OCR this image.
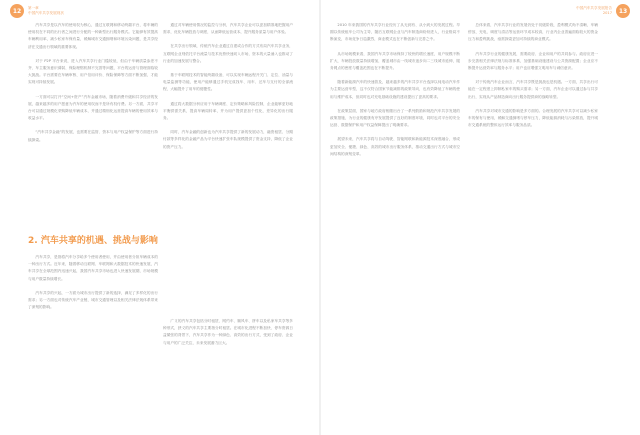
12	第一章
中国汽车共享发展现状	13
中国汽车共享发展报告
2017

汽车共享是以汽车的使用权为核心，通过互联网和移动终端平台，将车辆的使用权在不同的出行者之间进行分配的一种新型出行服务模式。它能够有效提高车辆利用率，减少私家车保有量，缓解城市交通拥堵和环境污染问题，是共享经济在交通出行领域的重要体现。

对于 P2P 平台来说，进入汽车共享行业门槛较低，但由于车辆质量参差不齐、车主服务意识薄弱、保险理赔机制不完善等问题，平台的运营与管理面临较大挑战。平台需要在车辆审核、用户信用评价、保险保障等方面不断加强，才能实现可持续发展。

一方面可以打开“空间+资产”汽车金融市场，随着消费升级和共享经济的发展，越来越多的用户愿意为汽车的使用权而不是所有权付费。另一方面，共享平台可以通过规模化采购降低车辆成本，并通过精细化运营提高车辆的使用效率与收益水平。

“汽车共享金融”的发展，也需要在监管、资本与用户权益保护等方面进行持续探索。

2. 汽车共享的机遇、挑战与影响

汽车共享，是指将汽车分享给多个使用者使用，并由使用者分担车辆成本的一种出行方式。近年来，随着移动互联网、车联网和大数据技术的快速发展，汽车共享在全球范围内迅速兴起，我国汽车共享市场也进入快速发展期，市场规模与用户数量持续增长。

汽车共享的兴起，一方面为城市出行提供了新的选择，满足了多样化的出行需求；另一方面也对传统汽车产业链、城市交通管理以及相关法律法规体系带来了深刻的影响。

通过对车辆使用情况的监控与分析，汽车共享企业可以更加精准地把握用户需求，优化车辆投放与调度，从而降低运营成本，提升服务质量与用户体验。

在共享出行领域，传统汽车企业通过自建或合作的方式布局汽车共享业务，互联网企业则依托平台流量与技术优势快速切入市场，资本的大量涌入也推动了行业的加速发展与整合。

基于车联网技术的智能终端设备，可以实现车辆远程开关门、定位、油量与电量监测等功能，使用户能够通过手机完成找车、用车、还车与支付的全部流程，大幅提升了用车的便捷性。

通过将大数据分析应用于车辆调度、定价策略和风险控制，企业能够更好地平衡供需关系，提高车辆周转率，并为用户提供更加个性化、差异化的出行服务。

同时，汽车金融的创新也为汽车共享提供了新的发展动力，融资租赁、分期付款等多样化的金融产品为平台快速扩张车队规模提供了资金支持，降低了企业的资产压力。

广义的汽车共享包括分时租赁、网约车、顺风车、拼车以及私家车共享等多种形式，狭义的汽车共享主要指分时租赁。在城市化进程不断加快、停车资源日益紧张的背景下，汽车共享作为一种绿色、高效的出行方式，受到了政府、企业与用户的广泛关注，未来发展潜力巨大。

2010 年来我国的汽车共享行业经历了从无到有、从小到大的发展过程。早期以传统租车公司为主导，随后互联网企业与汽车制造商纷纷进入，行业格局不断演变，市场竞争日趋激烈，商业模式也在不断创新与完善之中。

从市场规模来看，我国汽车共享市场保持了较快的增长速度，用户规模不断扩大，车辆投放数量持续增加，覆盖城市由一线城市逐步向二三线城市延伸，服务网点的密度与覆盖范围也在不断提升。

随着新能源汽车的快速普及，越来越多的汽车共享平台选择以纯电动汽车作为主要运营车型，这不仅符合国家节能减排的政策导向，也有效降低了车辆的使用与维护成本，但同时也对充电基础设施的建设提出了更高的要求。

在政策层面，国家与地方政府相继出台了一系列鼓励和规范汽车共享发展的政策措施，为行业的健康有序发展提供了良好的制度环境，同时也对平台的安全运营、数据保护和用户权益保障提出了明确要求。

展望未来，汽车共享将与自动驾驶、智能网联和新能源技术深度融合，形成更加安全、便捷、绿色、高效的城市出行服务体系，推动交通出行方式与城市空间结构的深刻变革。

总体来看，汽车共享行业的发展仍处于初级阶段，盈利模式尚不清晰，车辆停放、充电、调度与清洁等运营环节成本较高，行业内企业普遍面临较大的资金压力和盈利挑战，亟需探索更加可持续的商业模式。

汽车共享行业的健康发展，需要政府、企业和用户的共同参与。政府应进一步完善相关法律法规与标准体系，加强基础设施建设与公共资源配置；企业应不断提升运营效率与服务水平；用户也应增强文明用车与诚信意识。

对于传统汽车企业而言，汽车共享既是挑战也是机遇。一方面，共享出行可能在一定程度上抑制私家车的购买需求；另一方面，汽车企业可以通过参与共享出行，实现从产品制造商向出行服务提供商的战略转型。

汽车共享对城市交通的影响是多方面的。合理发展的汽车共享可以减少私家车的保有与使用，缓解交通拥堵与停车压力，降低能源消耗与污染排放，提升城市交通系统的整体运行效率与服务品质。
